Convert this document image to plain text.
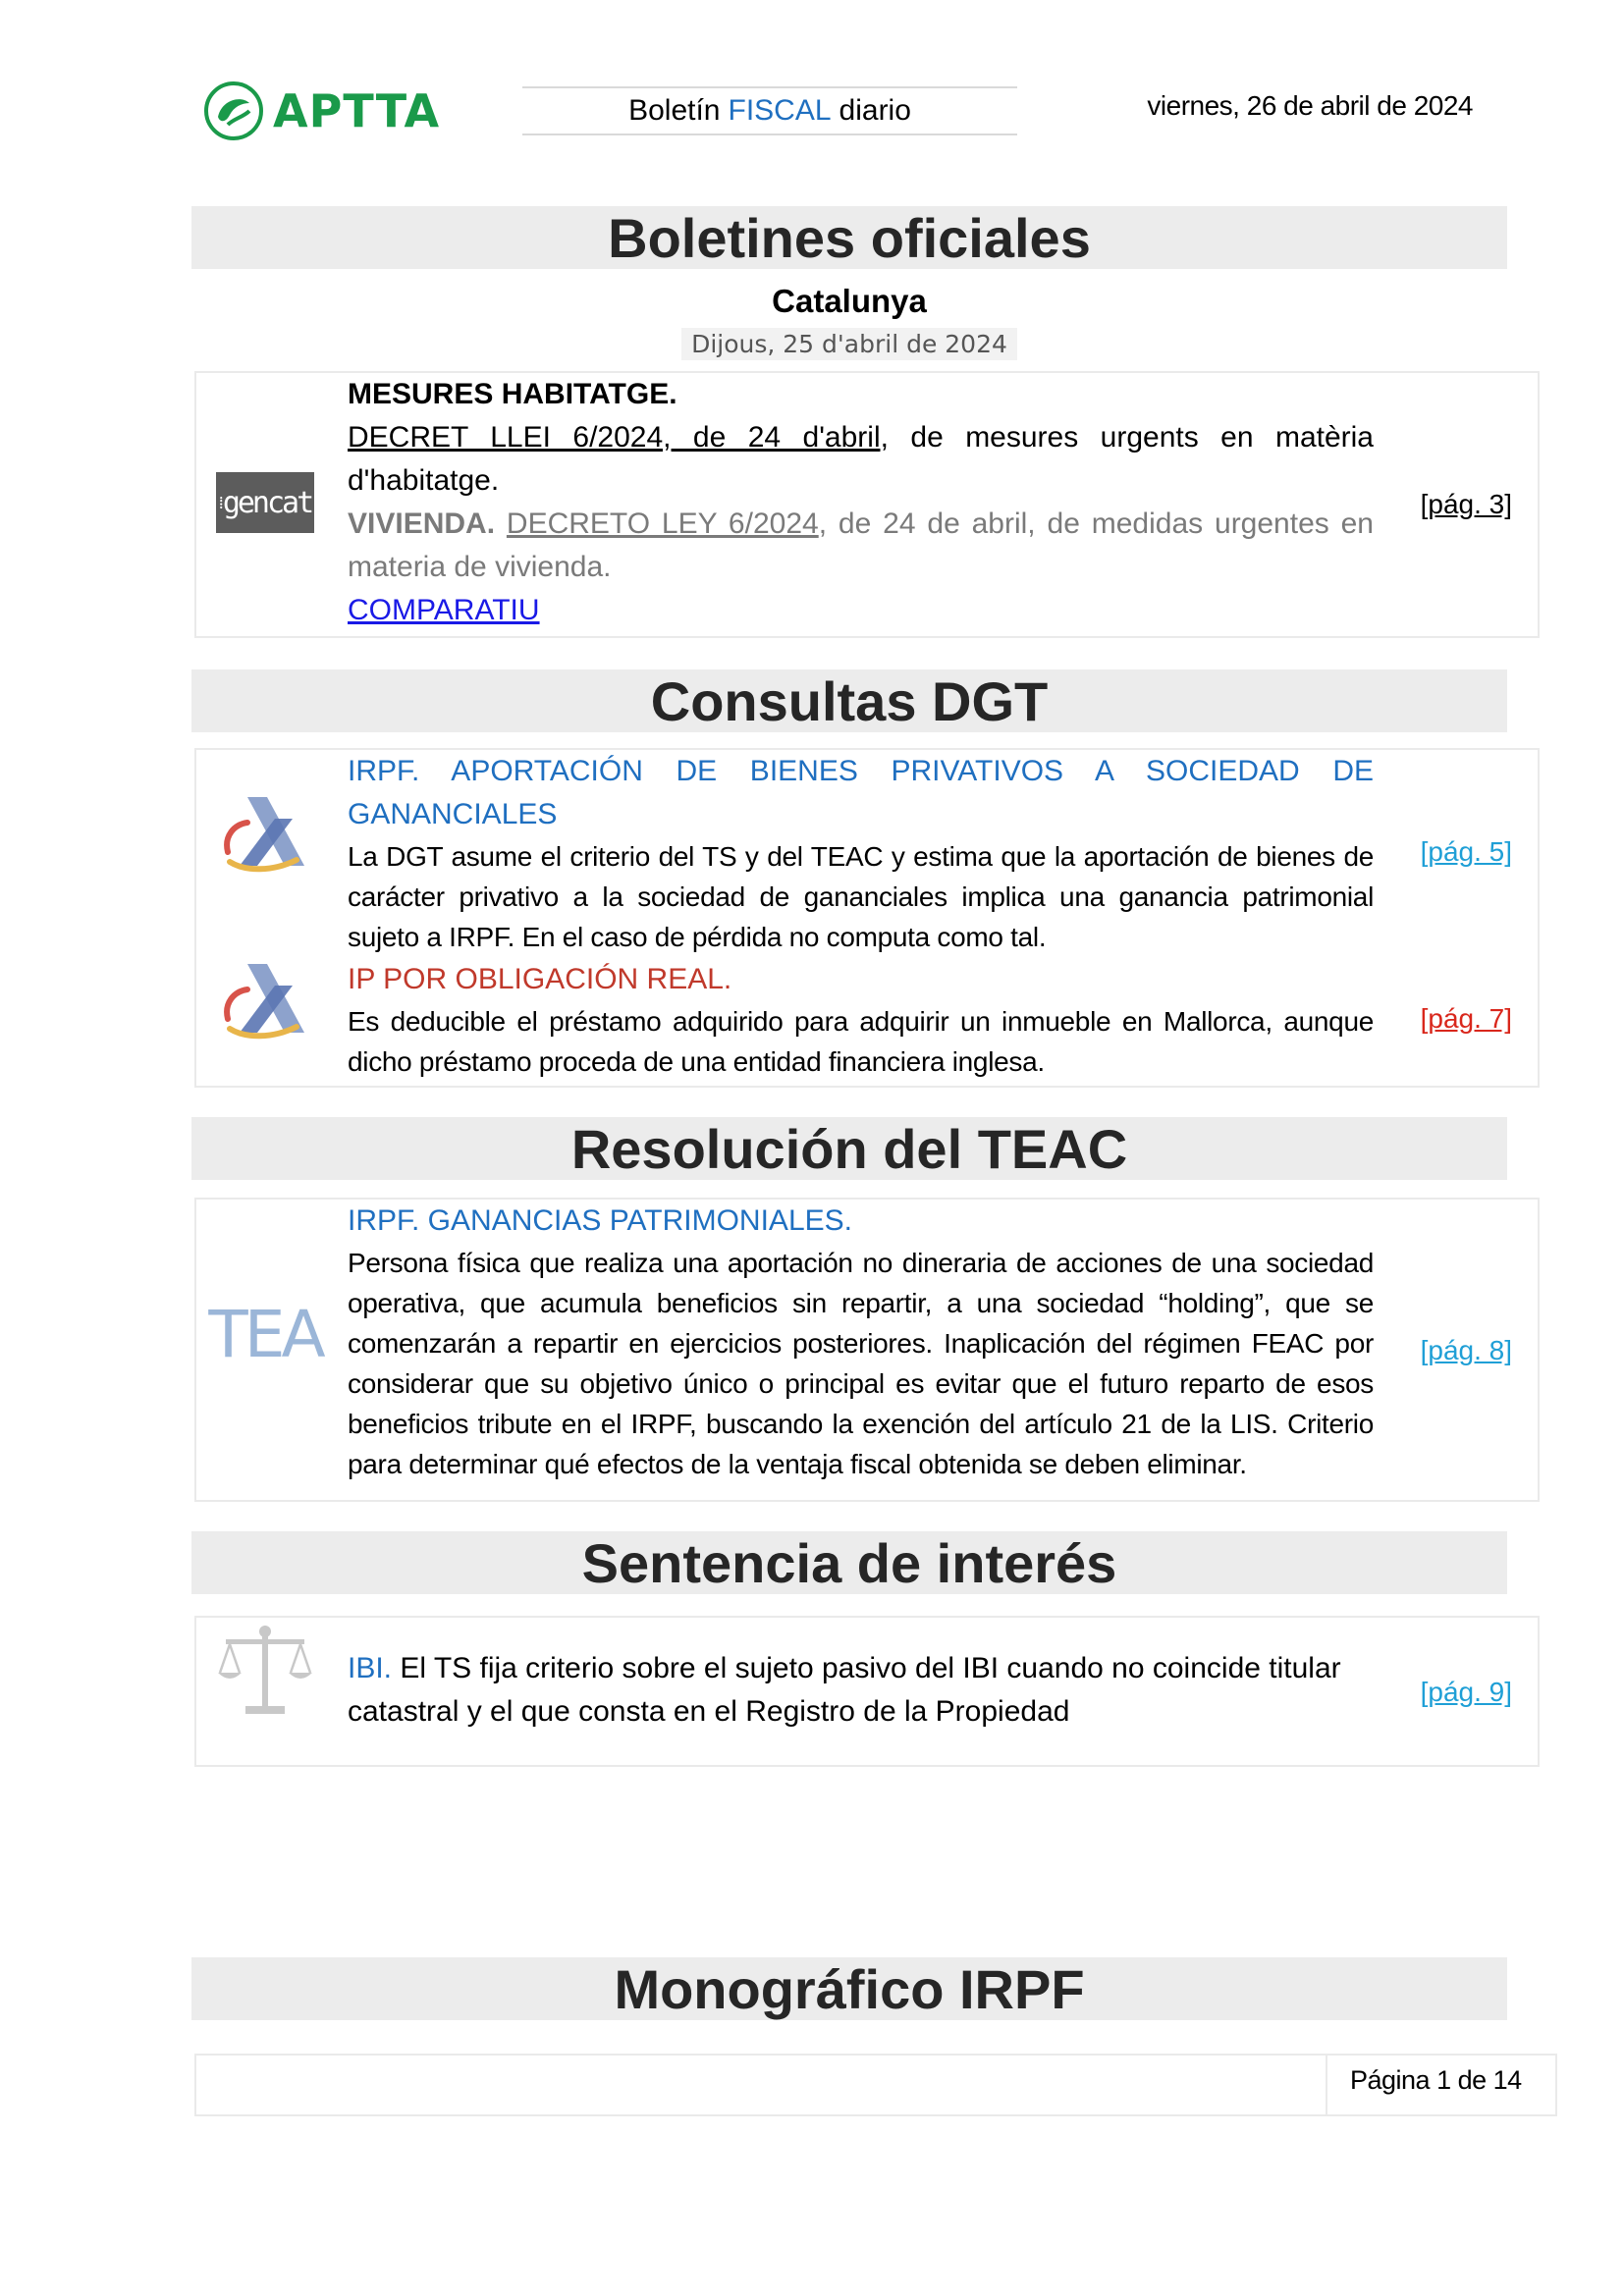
APTTA	Boletín FISCAL diario	viernes, 26 de abril de 2024
Boletines oficiales
Catalunya
Dijous, 25 d'abril de 2024
⁞ gencat
MESURES HABITATGE.
DECRET LLEI 6/2024, de 24 d'abril, de mesures urgents en matèria d'habitatge.
VIVIENDA. DECRETO LEY 6/2024, de 24 de abril, de medidas urgentes en materia de vivienda.
COMPARATIU
[pág. 3]
Consultas DGT
IRPF. APORTACIÓN DE BIENES PRIVATIVOS A SOCIEDAD DE GANANCIALES
La DGT asume el criterio del TS y del TEAC y estima que la aportación de bienes de carácter privativo a la sociedad de gananciales implica una ganancia patrimonial sujeto a IRPF. En el caso de pérdida no computa como tal.
[pág. 5]
IP POR OBLIGACIÓN REAL.
Es deducible el préstamo adquirido para adquirir un inmueble en Mallorca, aunque dicho préstamo proceda de una entidad financiera inglesa.
[pág. 7]
Resolución del TEAC
TEA
IRPF. GANANCIAS PATRIMONIALES.
Persona física que realiza una aportación no dineraria de acciones de una sociedad operativa, que acumula beneficios sin repartir, a una sociedad “holding”, que se comenzarán a repartir en ejercicios posteriores. Inaplicación del régimen FEAC por considerar que su objetivo único o principal es evitar que el futuro reparto de esos beneficios tribute en el IRPF, buscando la exención del artículo 21 de la LIS. Criterio para determinar qué efectos de la ventaja fiscal obtenida se deben eliminar.
[pág. 8]
Sentencia de interés
IBI. El TS fija criterio sobre el sujeto pasivo del IBI cuando no coincide titular catastral y el que consta en el Registro de la Propiedad
[pág. 9]
Monográfico IRPF
Página 1 de 14
